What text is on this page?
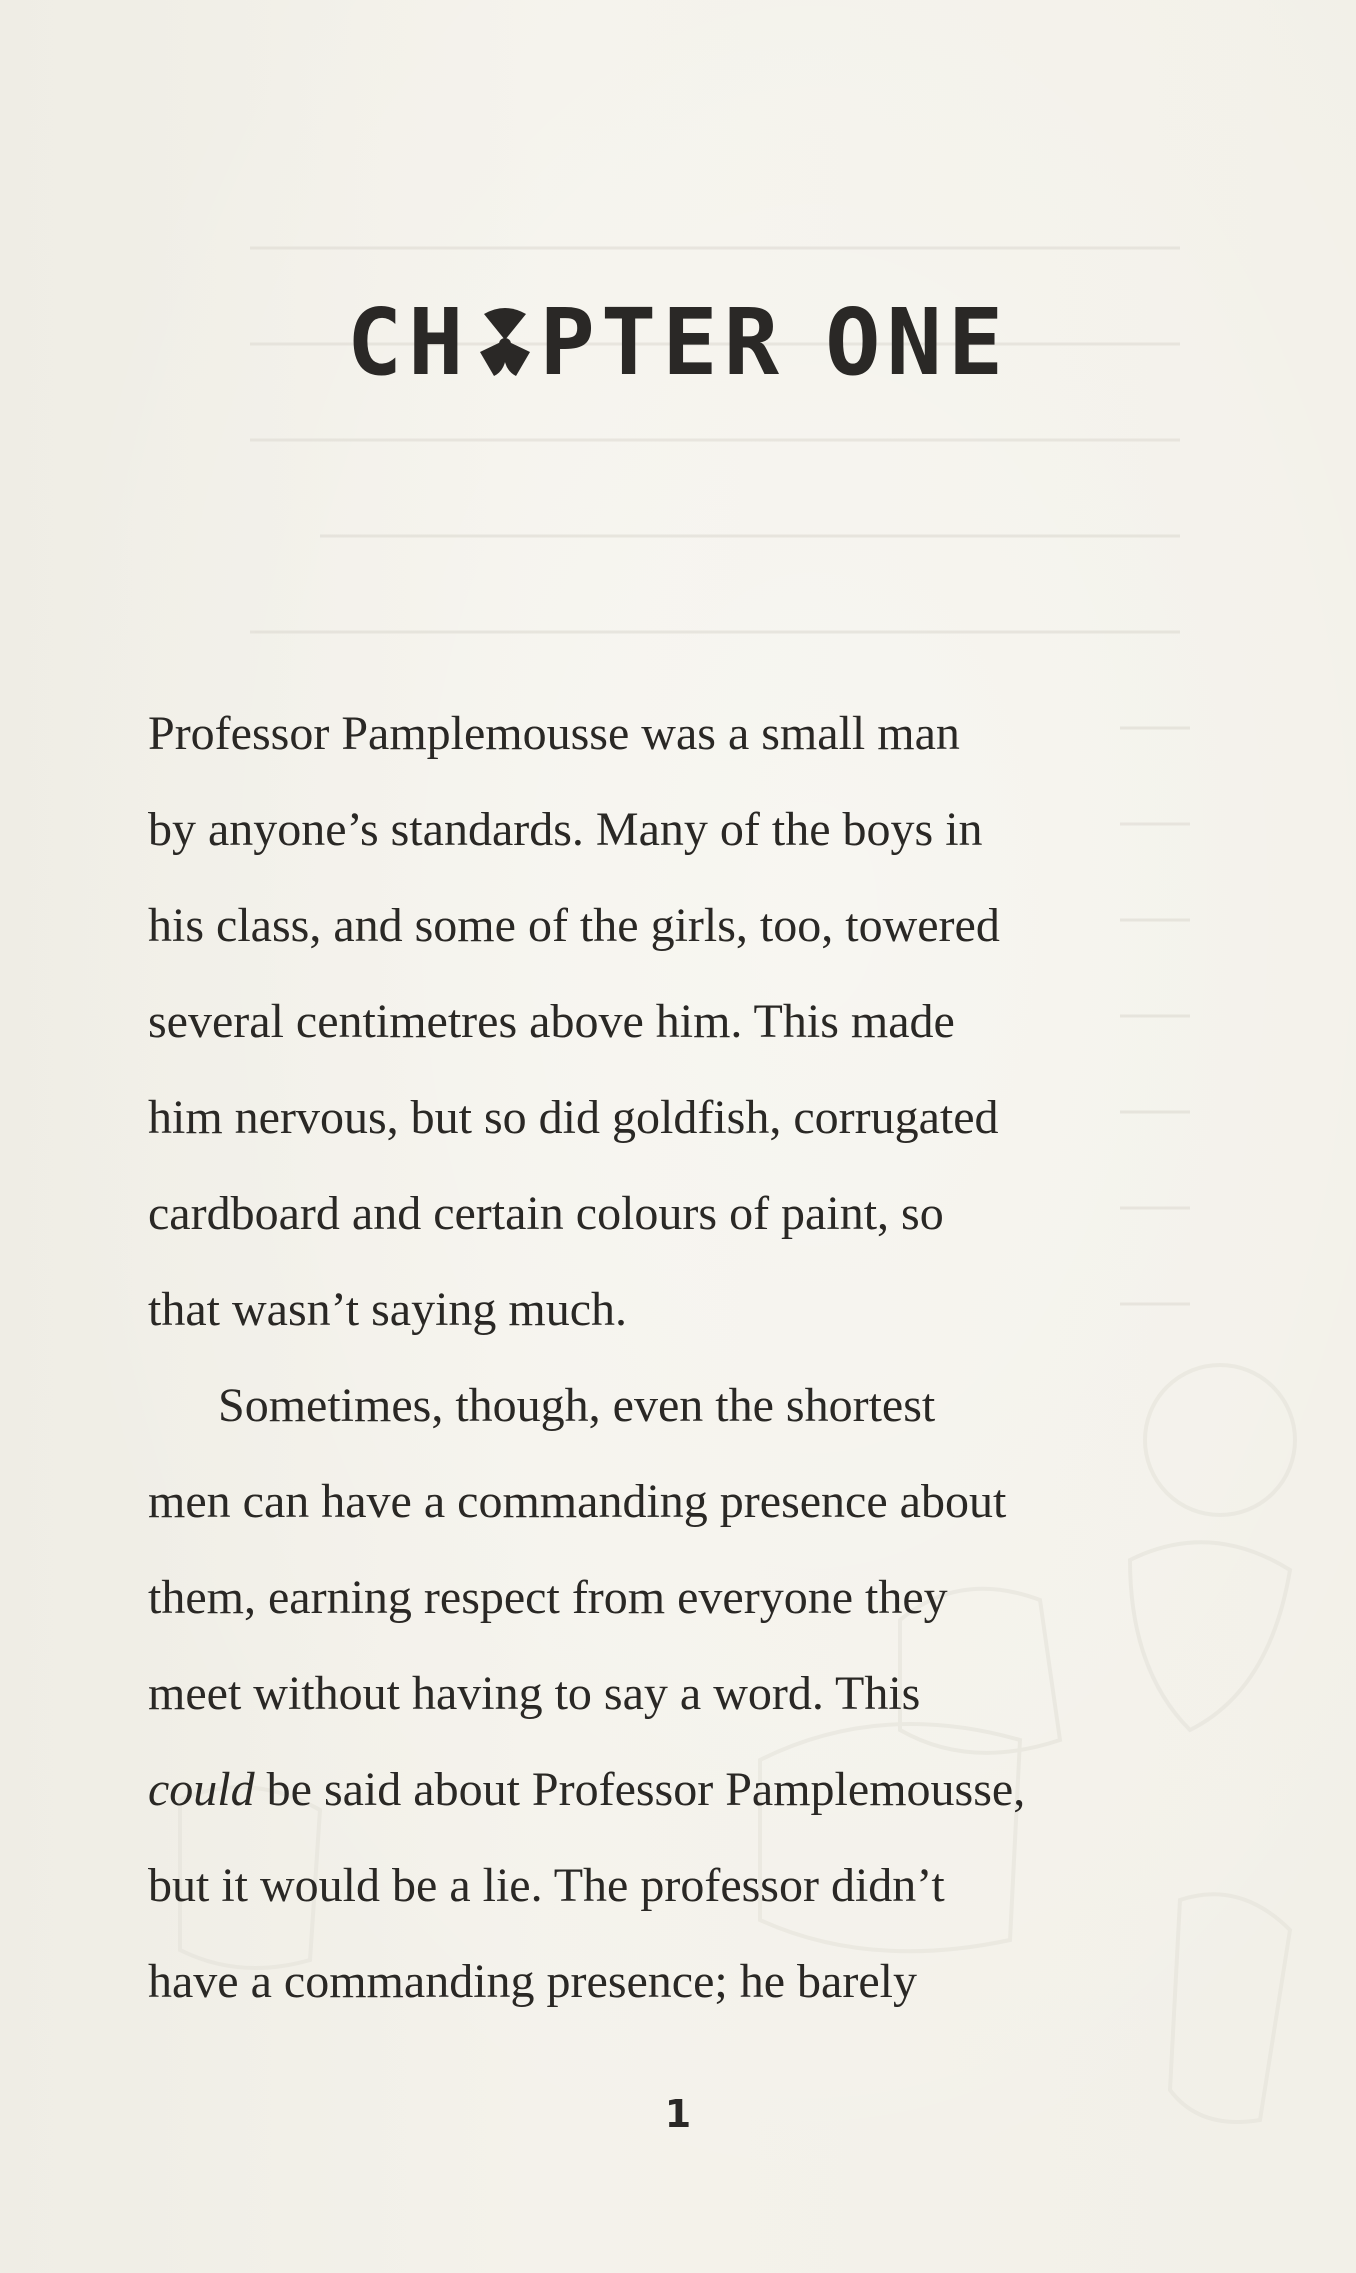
CH PTER ONE
Professor Pamplemousse was a small man
by anyone’s standards. Many of the boys in
his class, and some of the girls, too, towered
several centimetres above him. This made
him nervous, but so did goldfish, corrugated
cardboard and certain colours of paint, so
that wasn’t saying much.
Sometimes, though, even the shortest
men can have a commanding presence about
them, earning respect from everyone they
meet without having to say a word. This
could be said about Professor Pamplemousse,
but it would be a lie. The professor didn’t
have a commanding presence; he barely
1
